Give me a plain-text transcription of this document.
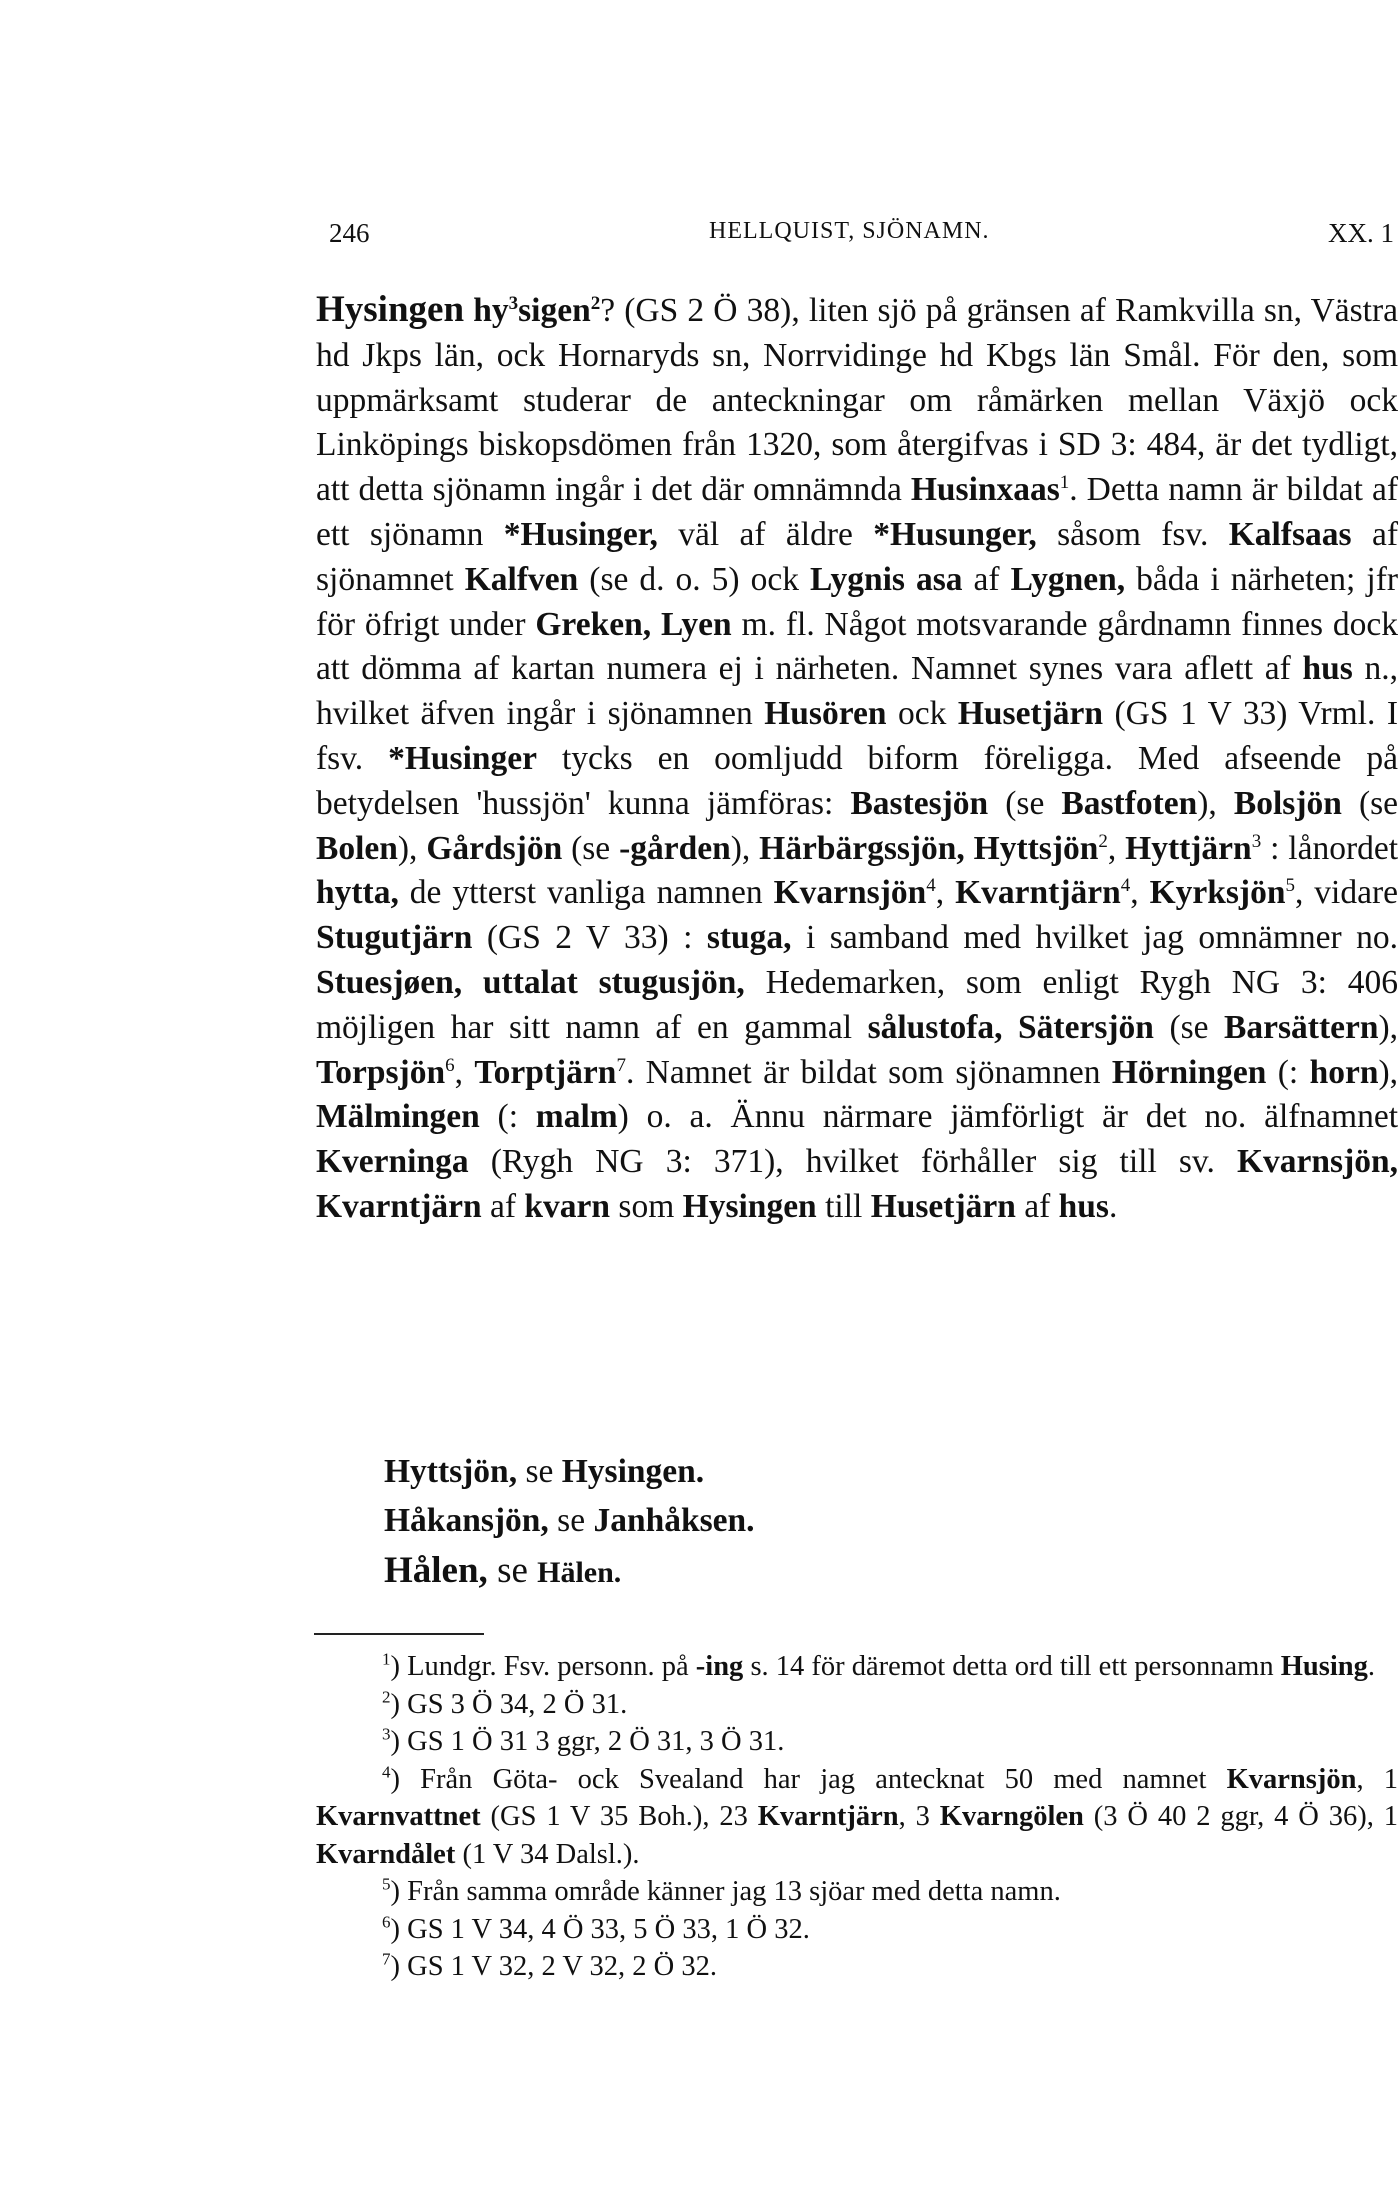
246	HELLQUIST, SJÖNAMN.	XX. 1

Hysingen $hy^3sigen^2$? (GS 2 Ö 38), liten sjö på gränsen af Ramkvilla sn, Västra hd Jkps län, ock Hornaryds sn, Norrvidinge hd Kbgs län Smål. För den, som uppmärksamt studerar de anteckningar om råmärken mellan Växjö ock Linköpings biskopsdömen från 1320, som återgifvas i SD 3: 484, är det tydligt, att detta sjönamn ingår i det där omnämnda Husinxaas$^1$. Detta namn är bildat af ett sjönamn *Husinger, väl af äldre *Husunger, såsom fsv. Kalfsaas af sjönamnet Kalfven (se d. o. 5) ock Lygnis asa af Lygnen, båda i närheten; jfr för öfrigt under Greken, Lyen m. fl. Något motsvarande gårdnamn finnes dock att dömma af kartan numera ej i närheten. Namnet synes vara aflett af hus n., hvilket äfven ingår i sjönamnen Husören ock Husetjärn (GS 1 V 33) Vrml. I fsv. *Husinger tycks en oomljudd biform föreligga. Med afseende på betydelsen 'hussjön' kunna jämföras: Bastesjön (se Bastfoten), Bolsjön (se Bolen), Gårdsjön (se -gården), Härbärgssjön, Hyttsjön$^2$, Hyttjärn$^3$ : lånordet hytta, de ytterst vanliga namnen Kvarnsjön$^4$, Kvarntjärn$^4$, Kyrksjön$^5$, vidare Stugutjärn (GS 2 V 33) : stuga, i samband med hvilket jag omnämner no. Stuesjøen, uttalat stugusjön, Hedemarken, som enligt Rygh NG 3: 406 möjligen har sitt namn af en gammal sålustofa, Sätersjön (se Barsättern), Torpsjön$^6$, Torptjärn$^7$. Namnet är bildat som sjönamnen Hörningen (: horn), Mälmingen (: malm) o. a. Ännu närmare jämförligt är det no. älfnamnet Kverninga (Rygh NG 3: 371), hvilket förhåller sig till sv. Kvarnsjön, Kvarntjärn af kvarn som Hysingen till Husetjärn af hus.

Hyttsjön, se Hysingen.
Håkansjön, se Janhåksen.
Hålen, se Hälen.

$^1$) Lundgr. Fsv. personn. på -ing s. 14 för däremot detta ord till ett personnamn Husing.

$^2$) GS 3 Ö 34, 2 Ö 31.

$^3$) GS 1 Ö 31 3 ggr, 2 Ö 31, 3 Ö 31.

$^4$) Från Göta- ock Svealand har jag antecknat 50 med namnet Kvarnsjön, 1 Kvarnvattnet (GS 1 V 35 Boh.), 23 Kvarntjärn, 3 Kvarngölen (3 Ö 40 2 ggr, 4 Ö 36), 1 Kvarndålet (1 V 34 Dalsl.).

$^5$) Från samma område känner jag 13 sjöar med detta namn.

$^6$) GS 1 V 34, 4 Ö 33, 5 Ö 33, 1 Ö 32.

$^7$) GS 1 V 32, 2 V 32, 2 Ö 32.
